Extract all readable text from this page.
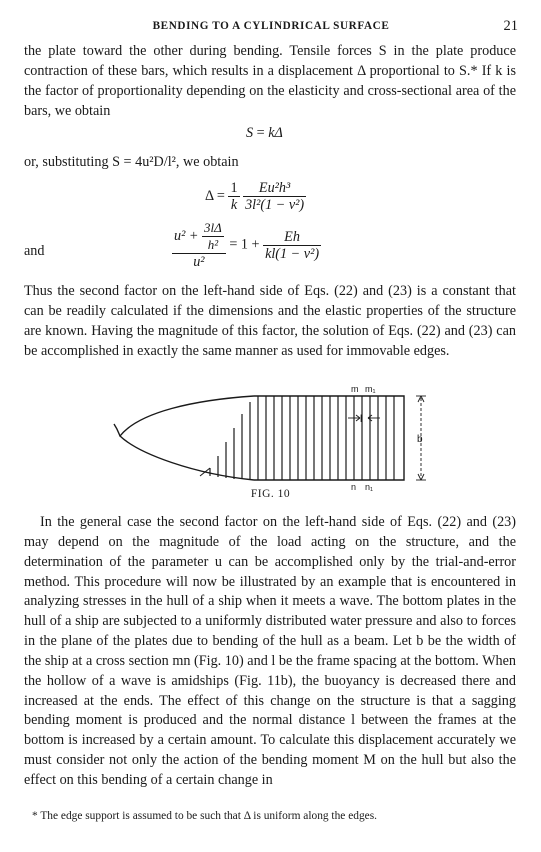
BENDING TO A CYLINDRICAL SURFACE	21

the plate toward the other during bending. Tensile forces S in the plate produce contraction of these bars, which results in a displacement Δ proportional to S.* If k is the factor of proportionality depending on the elasticity and cross-sectional area of the bars, we obtain

S = kΔ

or, substituting S = 4u²D/l², we obtain

$\Delta = \frac{1}{k}$
$\frac{\text{Eu²h³}}{\text{3l²(1 − ν²)}}$
and	$\frac{u^2 + \frac{3l\Delta}{\text{h²}}}{\text{u²}} = 1 + \frac{Eh}{\text{kl(1 − ν²)}}$

Thus the second factor on the left-hand side of Eqs. (22) and (23) is a constant that can be readily calculated if the dimensions and the elastic properties of the structure are known. Having the magnitude of this factor, the solution of Eqs. (22) and (23) can be accomplished in exactly the same manner as used for immovable edges.

m m₁
l
b
n n₁
FIG. 10

In the general case the second factor on the left-hand side of Eqs. (22) and (23) may depend on the magnitude of the load acting on the structure, and the determination of the parameter u can be accomplished only by the trial-and-error method. This procedure will now be illustrated by an example that is encountered in analyzing stresses in the hull of a ship when it meets a wave. The bottom plates in the hull of a ship are subjected to a uniformly distributed water pressure and also to forces in the plane of the plates due to bending of the hull as a beam. Let b be the width of the ship at a cross section mn (Fig. 10) and l be the frame spacing at the bottom. When the hollow of a wave is amidships (Fig. 11b), the buoyancy is decreased there and increased at the ends. The effect of this change on the structure is that a sagging bending moment is produced and the normal distance l between the frames at the bottom is increased by a certain amount. To calculate this displacement accurately we must consider not only the action of the bending moment M on the hull but also the effect on this bending of a certain change in

* The edge support is assumed to be such that Δ is uniform along the edges.
